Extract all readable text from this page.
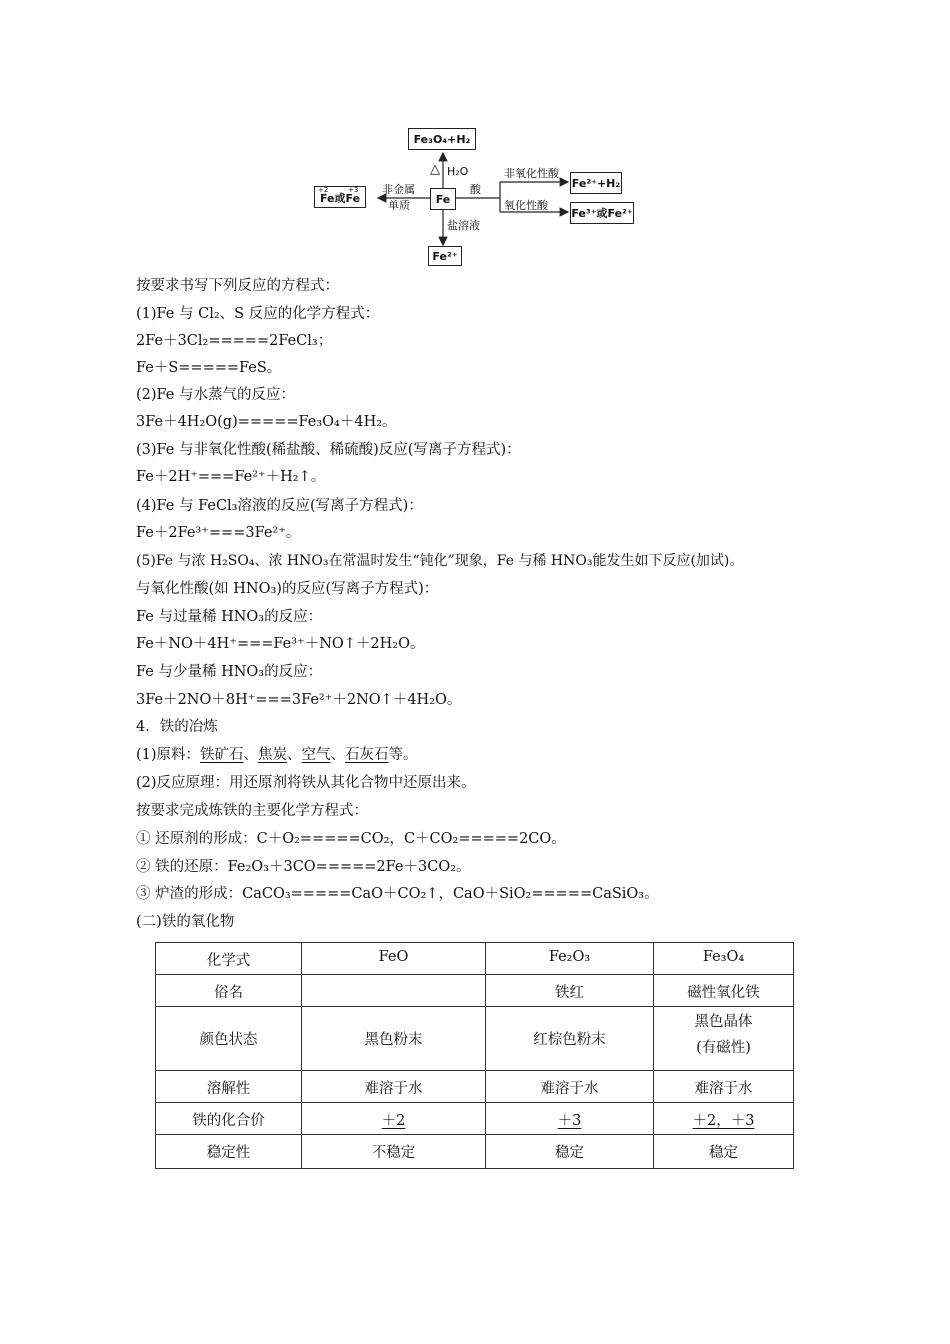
Fe₃O₄+H₂
△ H₂O
Fe
Fe或Fe
+2	+3 非金属
单质
酸
非氧化性酸
氧化性酸
Fe²⁺+H₂
Fe³⁺或Fe²⁺
盐溶液
Fe²⁺
按要求书写下列反应的方程式：
(1)Fe 与 Cl₂、S 反应的化学方程式：
2Fe＋3Cl₂=====2FeCl₃；
Fe＋S=====FeS。
(2)Fe 与水蒸气的反应：
3Fe＋4H₂O(g)=====Fe₃O₄＋4H₂。
(3)Fe 与非氧化性酸(稀盐酸、稀硫酸)反应(写离子方程式)：
Fe＋2H⁺===Fe²⁺＋H₂↑。
(4)Fe 与 FeCl₃溶液的反应(写离子方程式)：
Fe＋2Fe³⁺===3Fe²⁺。
(5)Fe 与浓 H₂SO₄、浓 HNO₃在常温时发生“钝化”现象，Fe 与稀 HNO₃能发生如下反应(加试)。
与氧化性酸(如 HNO₃)的反应(写离子方程式)：
Fe 与过量稀 HNO₃的反应：
Fe＋NO＋4H⁺===Fe³⁺＋NO↑＋2H₂O。
Fe 与少量稀 HNO₃的反应：
3Fe＋2NO＋8H⁺===3Fe²⁺＋2NO↑＋4H₂O。
4．铁的冶炼
(1)原料：铁矿石、焦炭、空气、石灰石等。
(2)反应原理：用还原剂将铁从其化合物中还原出来。
按要求完成炼铁的主要化学方程式：
① 还原剂的形成：C＋O₂=====CO₂，C＋CO₂=====2CO。
② 铁的还原：Fe₂O₃＋3CO=====2Fe＋3CO₂。
③ 炉渣的形成：CaCO₃=====CaO＋CO₂↑，CaO＋SiO₂=====CaSiO₃。
(二)铁的氧化物
化学式	FeO	Fe₂O₃	Fe₃O₄
俗名		铁红	磁性氧化铁
颜色状态	黑色粉末	红棕色粉末	黑色晶体
(有磁性)

溶解性	难溶于水	难溶于水	难溶于水
铁的化合价	＋2	＋3	＋2，＋3
稳定性	不稳定	稳定	稳定
